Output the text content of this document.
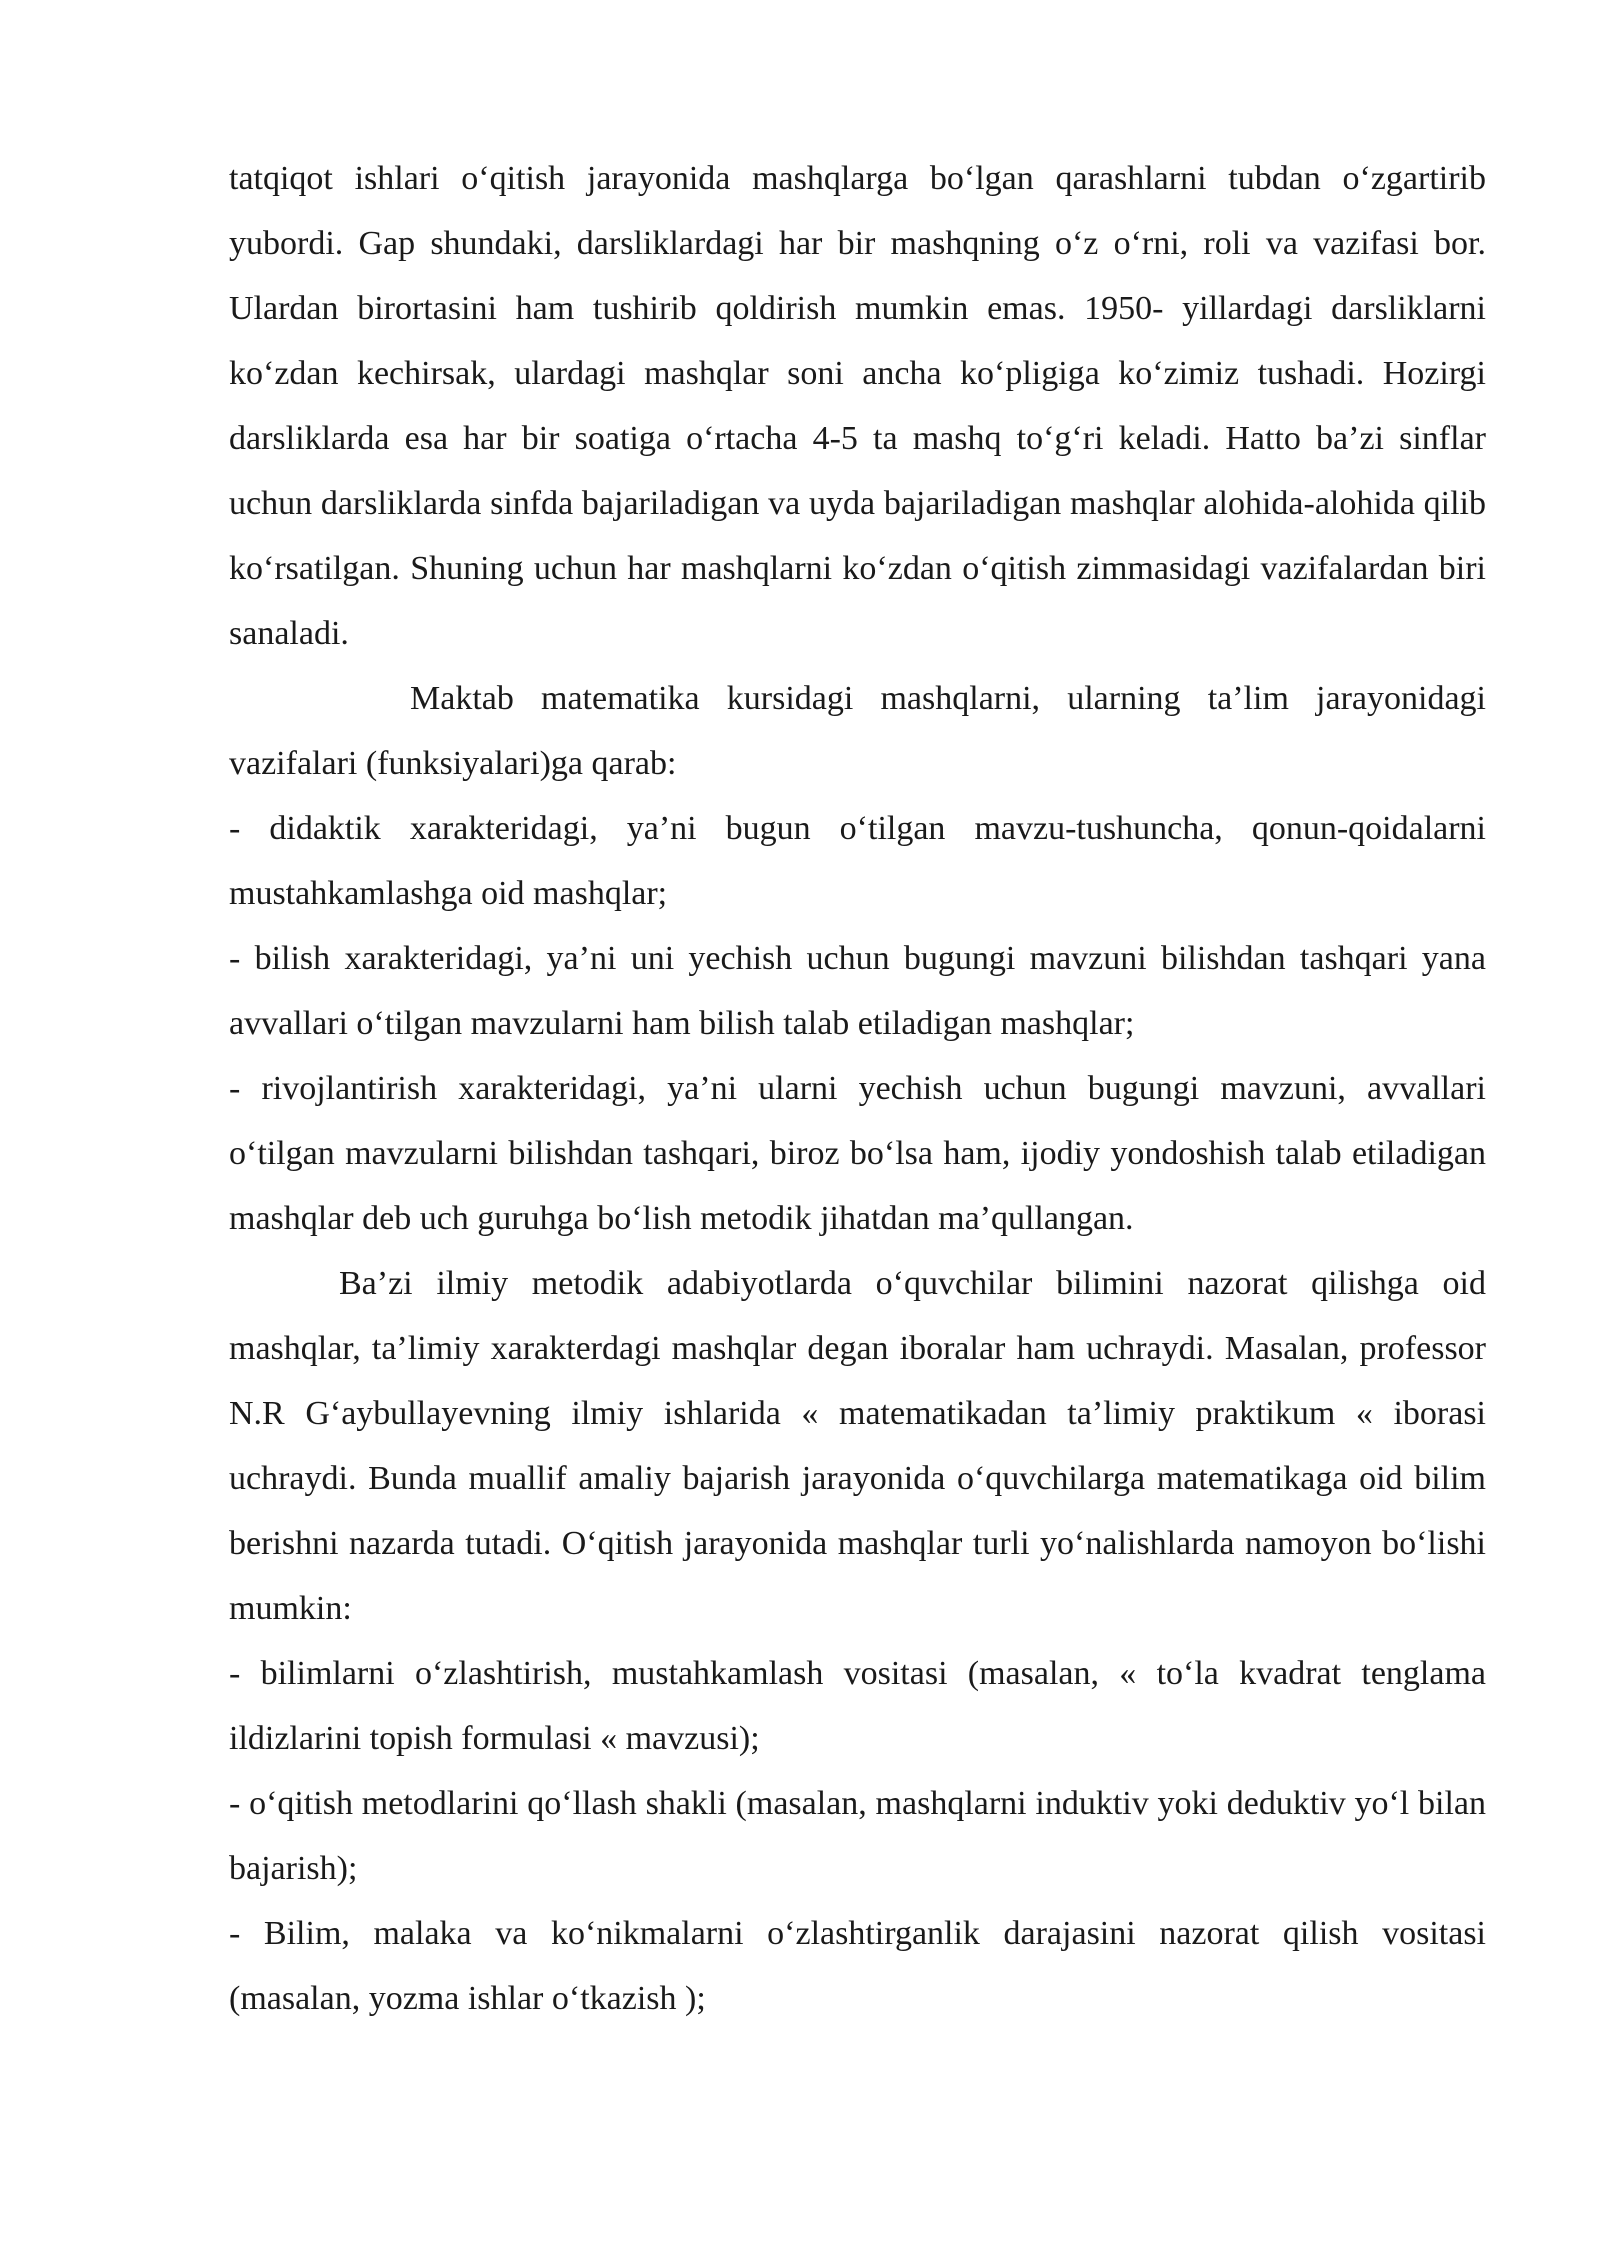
tatqiqot ishlari o‘qitish jarayonida mashqlarga bo‘lgan qarashlarni tubdan o‘zgartirib yubordi. Gap shundaki, darsliklardagi har bir mashqning o‘z o‘rni, roli va vazifasi bor. Ulardan birortasini ham tushirib qoldirish mumkin emas. 1950- yillardagi darsliklarni ko‘zdan kechirsak, ulardagi mashqlar soni ancha ko‘pligiga ko‘zimiz tushadi. Hozirgi darsliklarda esa har bir soatiga o‘rtacha 4-5 ta mashq to‘g‘ri keladi. Hatto ba’zi sinflar uchun darsliklarda sinfda bajariladigan va uyda bajariladigan mashqlar alohida-alohida qilib ko‘rsatilgan. Shuning uchun har mashqlarni ko‘zdan o‘qitish zimmasidagi vazifalardan biri sanaladi.

Maktab matematika kursidagi mashqlarni, ularning ta’lim jarayonidagi vazifalari (funksiyalari)ga qarab:

- didaktik xarakteridagi, ya’ni bugun o‘tilgan mavzu-tushuncha, qonun-qoidalarni mustahkamlashga oid mashqlar;

- bilish xarakteridagi, ya’ni uni yechish uchun bugungi mavzuni bilishdan tashqari yana avvallari o‘tilgan mavzularni ham bilish talab etiladigan mashqlar;

- rivojlantirish xarakteridagi, ya’ni ularni yechish uchun bugungi mavzuni, avvallari o‘tilgan mavzularni bilishdan tashqari, biroz bo‘lsa ham, ijodiy yondoshish talab etiladigan mashqlar deb uch guruhga bo‘lish metodik jihatdan ma’qullangan.

Ba’zi ilmiy metodik adabiyotlarda o‘quvchilar bilimini nazorat qilishga oid mashqlar, ta’limiy xarakterdagi mashqlar degan iboralar ham uchraydi. Masalan, professor N.R G‘aybullayevning ilmiy ishlarida « matematikadan ta’limiy praktikum « iborasi uchraydi. Bunda muallif amaliy bajarish jarayonida o‘quvchilarga matematikaga oid bilim berishni nazarda tutadi. O‘qitish jarayonida mashqlar turli yo‘nalishlarda namoyon bo‘lishi mumkin:

- bilimlarni o‘zlashtirish, mustahkamlash vositasi (masalan, « to‘la kvadrat tenglama ildizlarini topish formulasi « mavzusi);

- o‘qitish metodlarini qo‘llash shakli (masalan, mashqlarni induktiv yoki deduktiv yo‘l bilan bajarish);

- Bilim, malaka va ko‘nikmalarni o‘zlashtirganlik darajasini nazorat qilish vositasi (masalan, yozma ishlar o‘tkazish );
